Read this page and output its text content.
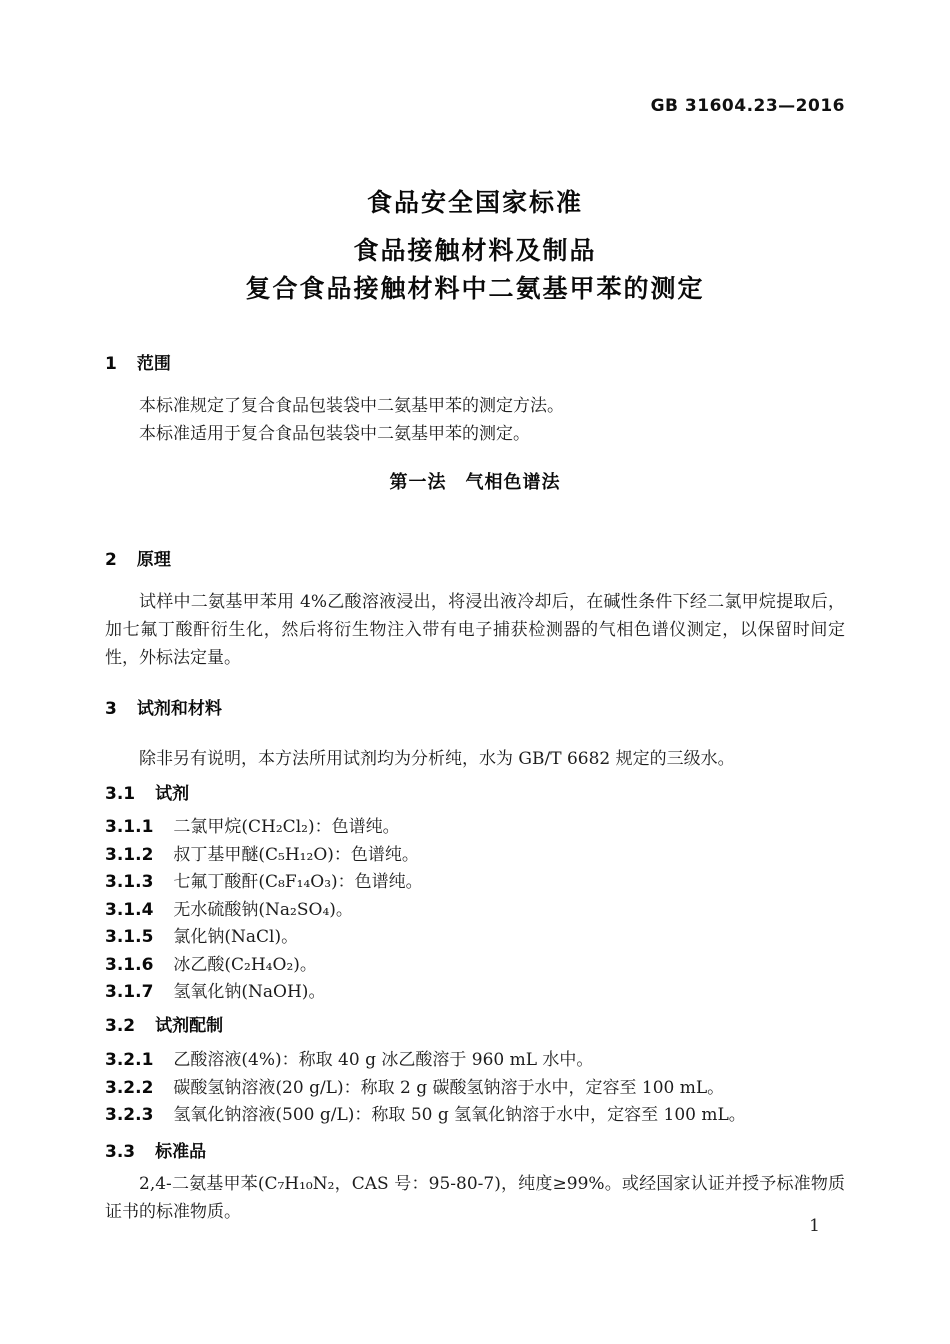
GB 31604.23—2016
食品安全国家标准
食品接触材料及制品
复合食品接触材料中二氨基甲苯的测定
1 范围
本标准规定了复合食品包装袋中二氨基甲苯的测定方法。
本标准适用于复合食品包装袋中二氨基甲苯的测定。
第一法　气相色谱法
2 原理
试样中二氨基甲苯用 4%乙酸溶液浸出，将浸出液冷却后，在碱性条件下经二氯甲烷提取后，加七氟丁酸酐衍生化，然后将衍生物注入带有电子捕获检测器的气相色谱仪测定，以保留时间定性，外标法定量。
3 试剂和材料
除非另有说明，本方法所用试剂均为分析纯，水为 GB/T 6682 规定的三级水。
3.1 试剂
3.1.1 二氯甲烷(CH₂Cl₂)：色谱纯。
3.1.2 叔丁基甲醚(C₅H₁₂O)：色谱纯。
3.1.3 七氟丁酸酐(C₈F₁₄O₃)：色谱纯。
3.1.4 无水硫酸钠(Na₂SO₄)。
3.1.5 氯化钠(NaCl)。
3.1.6 冰乙酸(C₂H₄O₂)。
3.1.7 氢氧化钠(NaOH)。
3.2 试剂配制
3.2.1 乙酸溶液(4%)：称取 40 g 冰乙酸溶于 960 mL 水中。
3.2.2 碳酸氢钠溶液(20 g/L)：称取 2 g 碳酸氢钠溶于水中，定容至 100 mL。
3.2.3 氢氧化钠溶液(500 g/L)：称取 50 g 氢氧化钠溶于水中，定容至 100 mL。
3.3 标准品
2,4-二氨基甲苯(C₇H₁₀N₂，CAS 号：95-80-7)，纯度≥99%。或经国家认证并授予标准物质证书的标准物质。
1
